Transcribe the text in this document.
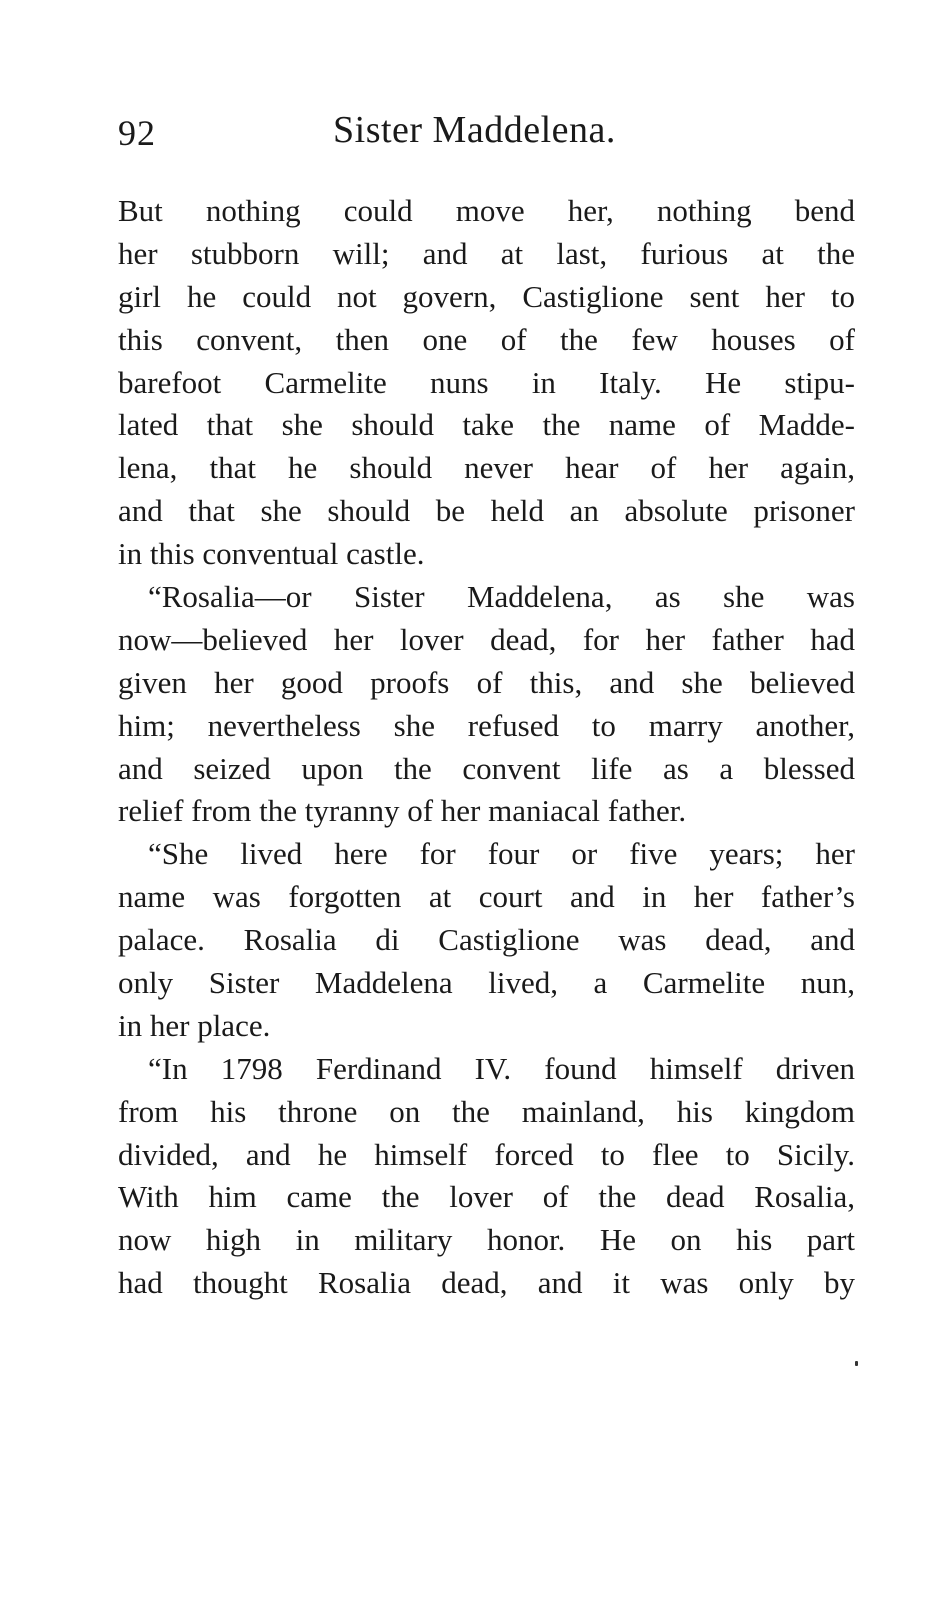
92	Sister Maddelena.
But nothing could move her, nothing bend
her stubborn will; and at last, furious at the
girl he could not govern, Castiglione sent her to
this convent, then one of the few houses of
barefoot Carmelite nuns in Italy. He stipu-
lated that she should take the name of Madde-
lena, that he should never hear of her again,
and that she should be held an absolute prisoner
in this conventual castle.
“Rosalia—or Sister Maddelena, as she was
now—believed her lover dead, for her father had
given her good proofs of this, and she believed
him; nevertheless she refused to marry another,
and seized upon the convent life as a blessed
relief from the tyranny of her maniacal father.
“She lived here for four or five years; her
name was forgotten at court and in her father’s
palace. Rosalia di Castiglione was dead, and
only Sister Maddelena lived, a Carmelite nun,
in her place.
“In 1798 Ferdinand IV. found himself driven
from his throne on the mainland, his kingdom
divided, and he himself forced to flee to Sicily.
With him came the lover of the dead Rosalia,
now high in military honor. He on his part
had thought Rosalia dead, and it was only by
